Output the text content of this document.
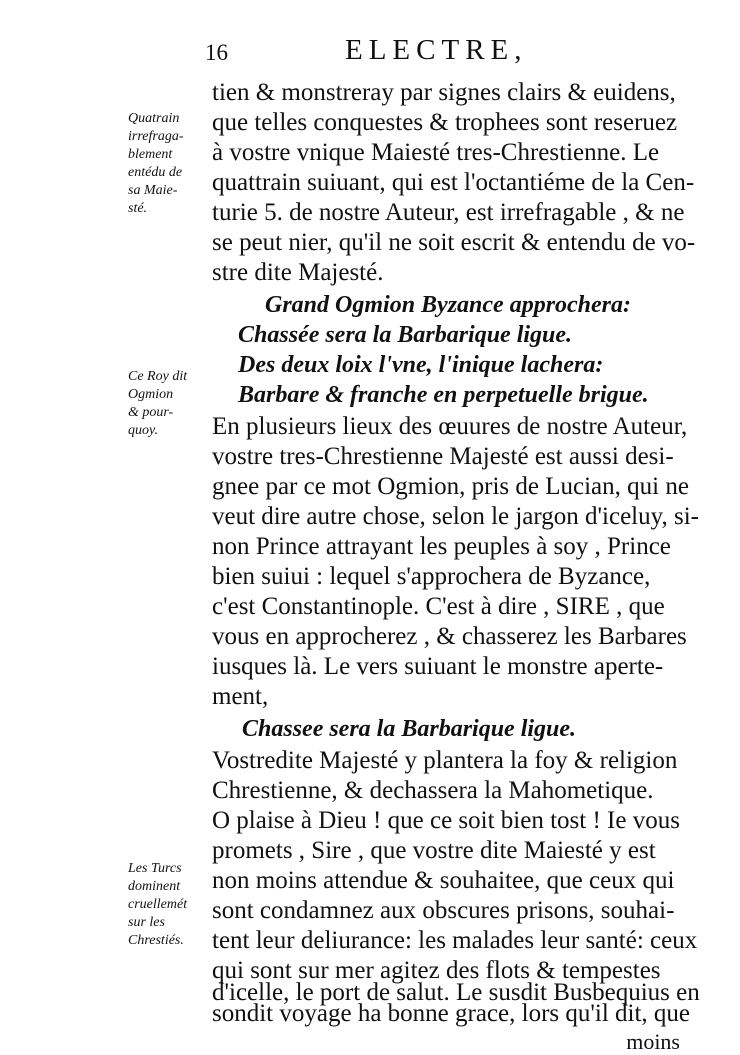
16	ELECTRE,
tien & monstreray par signes clairs & euidens,
que telles conquestes & trophees sont reseruez
à vostre vnique Maiesté tres-Chrestienne. Le
quattrain suiuant, qui est l'octantiéme de la Cen-
turie 5. de nostre Auteur, est irrefragable , & ne
se peut nier, qu'il ne soit escrit & entendu de vo-
stre dite Majesté.
Grand Ogmion Byzance approchera:
Chassée sera la Barbarique ligue.
Des deux loix l'vne, l'inique lachera:
Barbare & franche en perpetuelle brigue.
En plusieurs lieux des œuures de nostre Auteur,
vostre tres-Chrestienne Majesté est aussi desi-
gnee par ce mot Ogmion, pris de Lucian, qui ne
veut dire autre chose, selon le jargon d'iceluy, si-
non Prince attrayant les peuples à soy , Prince
bien suiui : lequel s'approchera de Byzance,
c'est Constantinople. C'est à dire , SIRE , que
vous en approcherez , & chasserez les Barbares
iusques là. Le vers suiuant le monstre aperte-
ment,
Chassee sera la Barbarique ligue.
Vostredite Majesté y plantera la foy & religion
Chrestienne, & dechassera la Mahometique.
O plaise à Dieu ! que ce soit bien tost ! Ie vous
promets , Sire , que vostre dite Maiesté y est
non moins attendue & souhaitee, que ceux qui
sont condamnez aux obscures prisons, souhai-
tent leur deliurance: les malades leur santé: ceux
qui sont sur mer agitez des flots & tempestes
d'icelle, le port de salut. Le susdit Busbequius en
sondit voyage ha bonne grace, lors qu'il dit, que
moins
Quatrain
irrefraga-
blement
entédu de
sa Maie-
sté.
Ce Roy dit
Ogmion
& pour-
quoy.
Les Turcs
dominent
cruellemét
sur les
Chrestiés.
